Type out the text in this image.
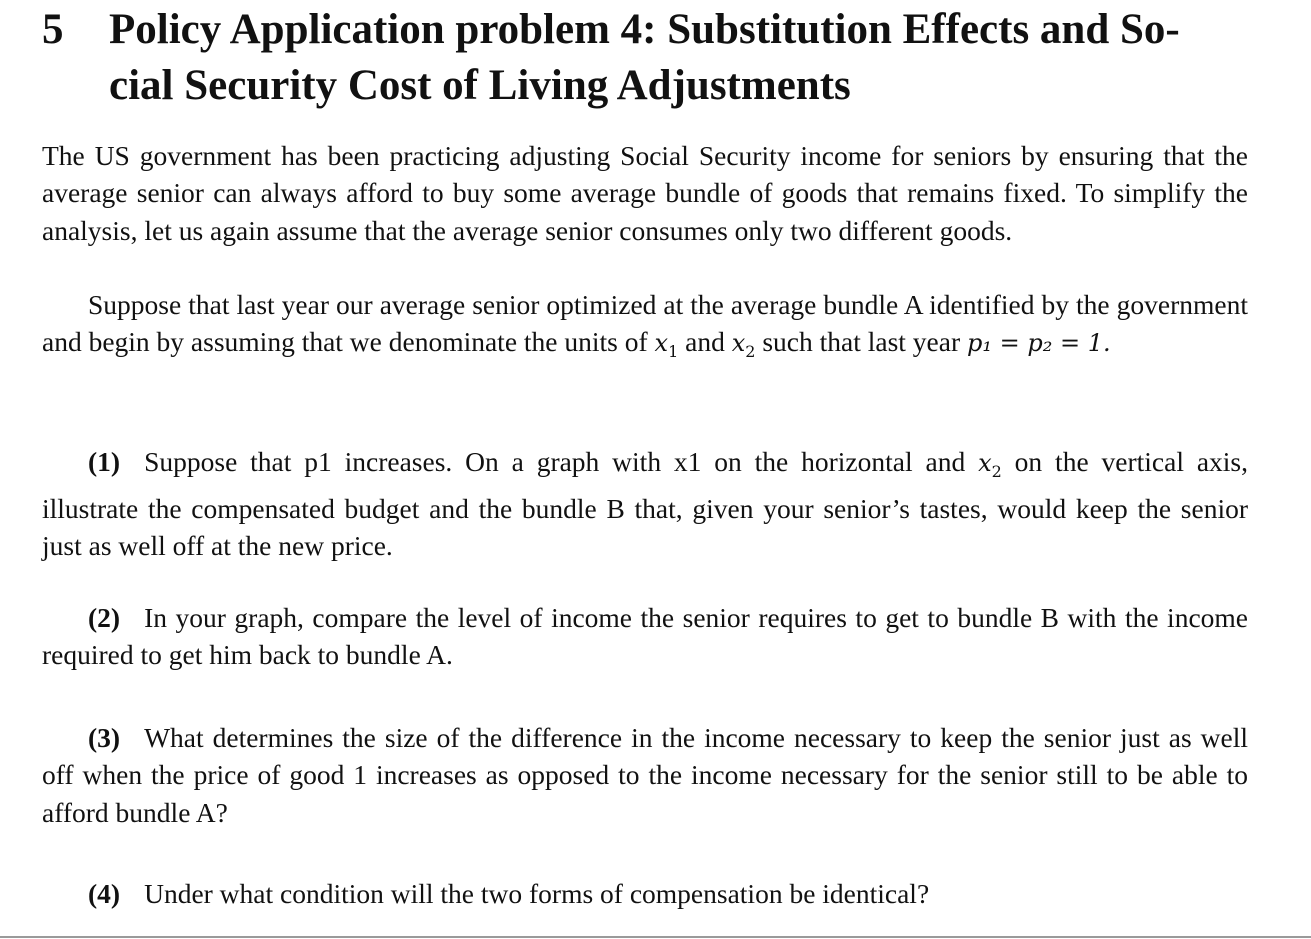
5 Policy Application problem 4: Substitution Effects and So-
cial Security Cost of Living Adjustments

The US government has been practicing adjusting Social Security income for seniors by ensuring that the average senior can always afford to buy some average bundle of goods that remains fixed. To simplify the analysis, let us again assume that the average senior consumes only two different goods.

Suppose that last year our average senior optimized at the average bundle A identified by the government and begin by assuming that we denominate the units of $x_1$ and $x_2$ such that last year p₁ = p₂ = 1.

(1) Suppose that p1 increases. On a graph with x1 on the horizontal and $x_2$ on the vertical axis, illustrate the compensated budget and the bundle B that, given your senior’s tastes, would keep the senior just as well off at the new price.

(2) In your graph, compare the level of income the senior requires to get to bundle B with the income required to get him back to bundle A.

(3) What determines the size of the difference in the income necessary to keep the senior just as well off when the price of good 1 increases as opposed to the income necessary for the senior still to be able to afford bundle A?

(4) Under what condition will the two forms of compensation be identical?
